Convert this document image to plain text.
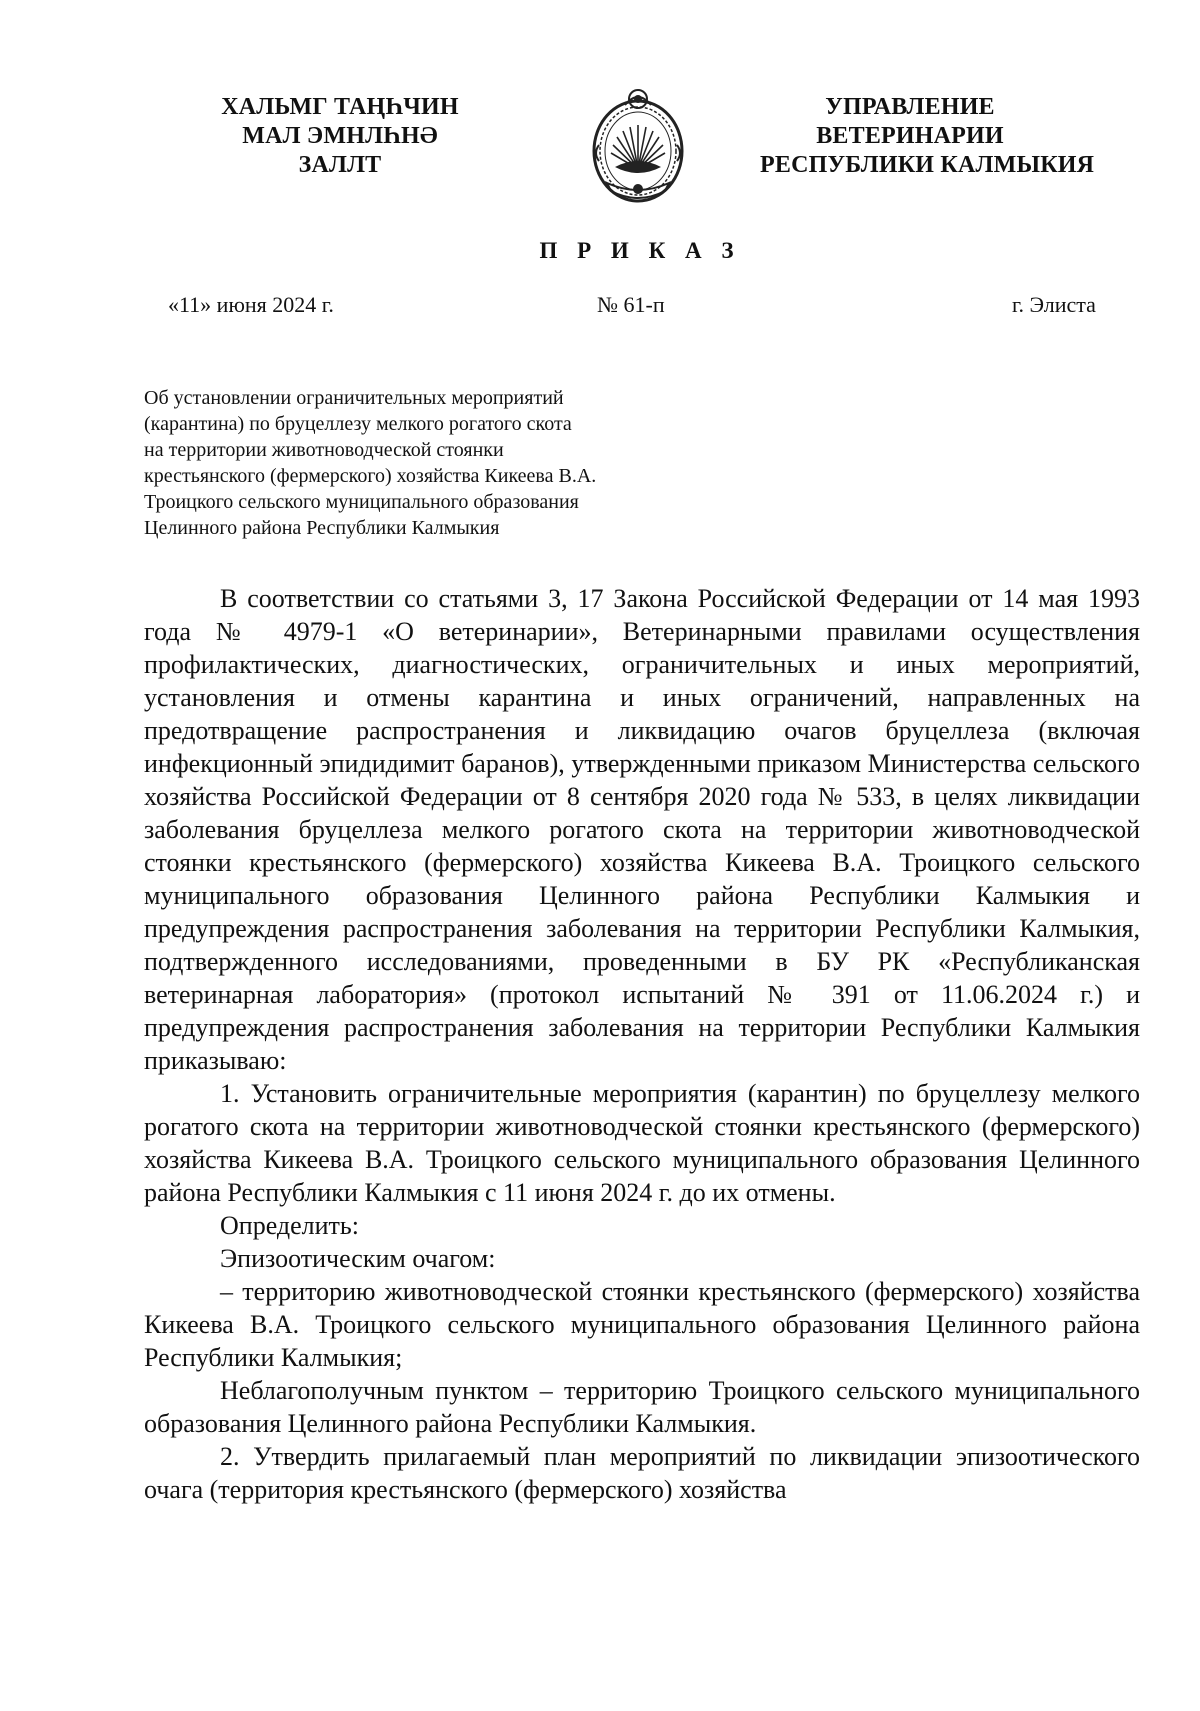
ХАЛЬМГ ТАҢҺЧИН
МАЛ ЭМНЛҺНӘ
ЗАЛЛТ
УПРАВЛЕНИЕ
ВЕТЕРИНАРИИ
РЕСПУБЛИКИ КАЛМЫКИЯ
П Р И К А З
«11» июня 2024 г.	№ 61-п	г. Элиста
Об установлении ограничительных мероприятий
(карантина) по бруцеллезу мелкого рогатого скота
на территории животноводческой стоянки
крестьянского (фермерского) хозяйства Кикеева В.А.
Троицкого сельского муниципального образования
Целинного района Республики Калмыкия

В соответствии со статьями 3, 17 Закона Российской Федерации от 14 мая 1993 года № 4979-1 «О ветеринарии», Ветеринарными правилами осуществления профилактических, диагностических, ограничительных и иных мероприятий, установления и отмены карантина и иных ограничений, направленных на предотвращение распространения и ликвидацию очагов бруцеллеза (включая инфекционный эпидидимит баранов), утвержденными приказом Министерства сельского хозяйства Российской Федерации от 8 сентября 2020 года № 533, в целях ликвидации заболевания бруцеллеза мелкого рогатого скота на территории животноводческой стоянки крестьянского (фермерского) хозяйства Кикеева В.А. Троицкого сельского муниципального образования Целинного района Республики Калмыкия и предупреждения распространения заболевания на территории Республики Калмыкия, подтвержденного исследованиями, проведенными в БУ РК «Республиканская ветеринарная лаборатория» (протокол испытаний № 391 от 11.06.2024 г.) и предупреждения распространения заболевания на территории Республики Калмыкия приказываю:

1. Установить ограничительные мероприятия (карантин) по бруцеллезу мелкого рогатого скота на территории животноводческой стоянки крестьянского (фермерского) хозяйства Кикеева В.А. Троицкого сельского муниципального образования Целинного района Республики Калмыкия с 11 июня 2024 г. до их отмены.

Определить:

Эпизоотическим очагом:

– территорию животноводческой стоянки крестьянского (фермерского) хозяйства Кикеева В.А. Троицкого сельского муниципального образования Целинного района Республики Калмыкия;

Неблагополучным пунктом – территорию Троицкого сельского муниципального образования Целинного района Республики Калмыкия.

2. Утвердить прилагаемый план мероприятий по ликвидации эпизоотического очага (территория крестьянского (фермерского) хозяйства
